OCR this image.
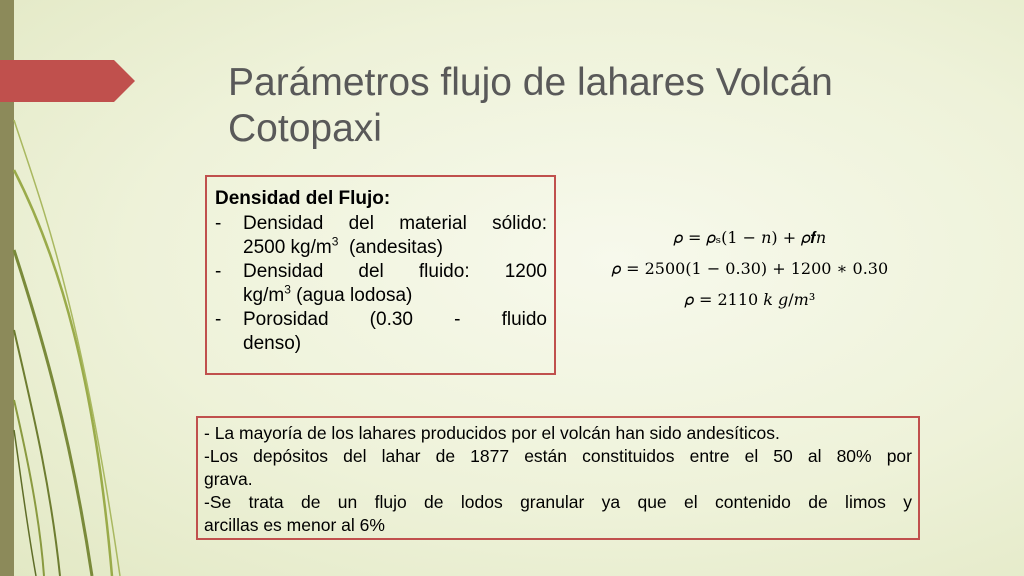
Parámetros flujo de lahares Volcán Cotopaxi
Densidad del Flujo:
- Densidad del material sólido:
2500 $kg/m^3$  (andesitas)
- Densidad del fluido: 1200
$kg/m^3$ (agua lodosa)
- Porosidad (0.30 - fluido
denso)
𝜌 = 𝜌ₛ(1 − 𝑛) + 𝜌𝒇𝑛
𝜌 = 2500(1 − 0.30) + 1200 ∗ 0.30
𝜌 = 2110 𝑘 𝑔/𝑚³
- La mayoría de los lahares producidos por el volcán han sido andesíticos.
-Los depósitos del lahar de 1877 están constituidos entre el 50 al 80% por
grava.
-Se trata de un flujo de lodos granular ya que el contenido de limos y
arcillas es menor al 6%
